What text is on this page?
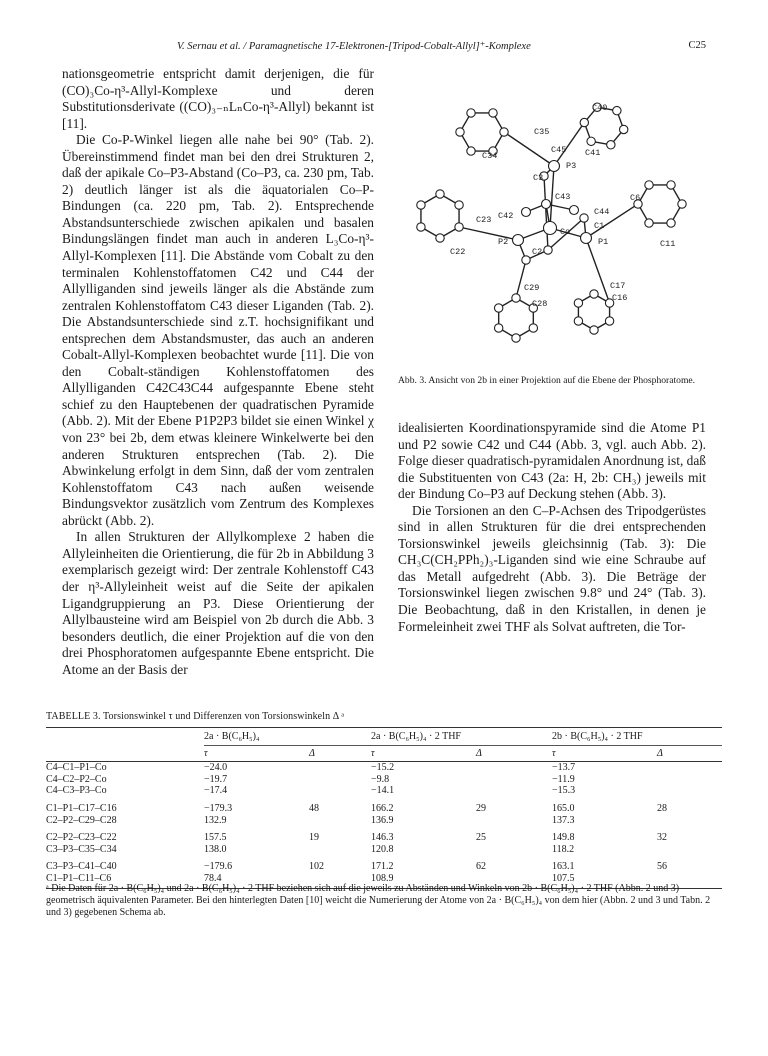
V. Sernau et al. / Paramagnetische 17-Elektronen-[Tripod-Cobalt-Allyl]⁺-Komplexe	C25

nationsgeometrie entspricht damit derjenigen, die für (CO)₃Co-η³-Allyl-Komplexe und deren Substitutionsderivate ((CO)₃₋ₙLₙCo-η³-Allyl) bekannt ist [11].

Die Co-P-Winkel liegen alle nahe bei 90° (Tab. 2). Übereinstimmend findet man bei den drei Strukturen 2, daß der apikale Co–P3-Abstand (Co–P3, ca. 230 pm, Tab. 2) deutlich länger ist als die äquatorialen Co–P-Bindungen (ca. 220 pm, Tab. 2). Entsprechende Abstandsunterschiede zwischen apikalen und basalen Bindungslängen findet man auch in anderen L₃Co-η³-Allyl-Komplexen [11]. Die Abstände vom Cobalt zu den terminalen Kohlenstoffatomen C42 und C44 der Allylliganden sind jeweils länger als die Abstände zum zentralen Kohlenstoffatom C43 dieser Liganden (Tab. 2). Die Abstandsunterschiede sind z.T. hochsignifikant und entsprechen dem Abstandsmuster, das auch an anderen Cobalt-Allyl-Komplexen beobachtet wurde [11]. Die von den Cobalt-ständigen Kohlenstoffatomen des Allylliganden C42C43C44 aufgespannte Ebene steht schief zu den Hauptebenen der quadratischen Pyramide (Abb. 2). Mit der Ebene P1P2P3 bildet sie einen Winkel χ von 23° bei 2b, dem etwas kleinere Winkelwerte bei den anderen Strukturen entsprechen (Tab. 2). Die Abwinkelung erfolgt in dem Sinn, daß der vom zentralen Kohlenstoffatom C43 nach außen weisende Bindungsvektor zusätzlich vom Zentrum des Komplexes abrückt (Abb. 2).

In allen Strukturen der Allylkomplexe 2 haben die Allyleinheiten die Orientierung, die für 2b in Abbildung 3 exemplarisch gezeigt wird: Der zentrale Kohlenstoff C43 der η³-Allyleinheit weist auf die Seite der apikalen Ligandgruppierung an P3. Diese Orientierung der Allylbausteine wird am Beispiel von 2b durch die Abb. 3 besonders deutlich, die einer Projektion auf die von den drei Phosphoratomen aufgespannte Ebene entspricht. Die Atome an der Basis der

C40
C35
C34
C45 C41
P3
C3
C6
C43
C42	C44
C23
Co
C1
P2	P1
C22	C2
C11
C17
C29
C16
C28
Abb. 3. Ansicht von 2b in einer Projektion auf die Ebene der Phosphoratome.

idealisierten Koordinationspyramide sind die Atome P1 und P2 sowie C42 und C44 (Abb. 3, vgl. auch Abb. 2). Folge dieser quadratisch-pyramidalen Anordnung ist, daß die Substituenten von C43 (2a: H, 2b: CH₃) jeweils mit der Bindung Co–P3 auf Deckung stehen (Abb. 3).

Die Torsionen an den C–P-Achsen des Tripodgerüstes sind in allen Strukturen für die drei entsprechenden Torsionswinkel jeweils gleichsinnig (Tab. 3): Die CH₃C(CH₂PPh₂)₃-Liganden sind wie eine Schraube auf das Metall aufgedreht (Abb. 3). Die Beträge der Torsionswinkel liegen zwischen 9.8° und 24° (Tab. 3). Die Beobachtung, daß in den Kristallen, in denen je Formeleinheit zwei THF als Solvat auftreten, die Tor-

TABELLE 3. Torsionswinkel τ und Differenzen von Torsionswinkeln Δ ᵃ
	2a · B(C₆H₅)₄		2a · B(C₆H₅)₄ · 2 THF		2b · B(C₆H₅)₄ · 2 THF	
	τ	Δ	τ	Δ	τ	Δ
C4–C1–P1–Co	−24.0		−15.2		−13.7	
C4–C2–P2–Co	−19.7		−9.8		−11.9	
C4–C3–P3–Co	−17.4		−14.1		−15.3	
C1–P1–C17–C16	−179.3	48	166.2	29	165.0	28
C2–P2–C29–C28	132.9		136.9		137.3	
C2–P2–C23–C22	157.5	19	146.3	25	149.8	32
C3–P3–C35–C34	138.0		120.8		118.2	
C3–P3–C41–C40	−179.6	102	171.2	62	163.1	56
C1–P1–C11–C6	78.4		108.9		107.5	
ᵃ Die Daten für 2a · B(C₆H₅)₄ und 2a · B(C₆H₅)₄ · 2 THF beziehen sich auf die jeweils zu Abständen und Winkeln von 2b · B(C₆H₅)₄ · 2 THF (Abbn. 2 und 3) geometrisch äquivalenten Parameter. Bei den hinterlegten Daten [10] weicht die Numerierung der Atome von 2a · B(C₆H₅)₄ von dem hier (Abbn. 2 und 3 und Tabn. 2 und 3) gegebenen Schema ab.
